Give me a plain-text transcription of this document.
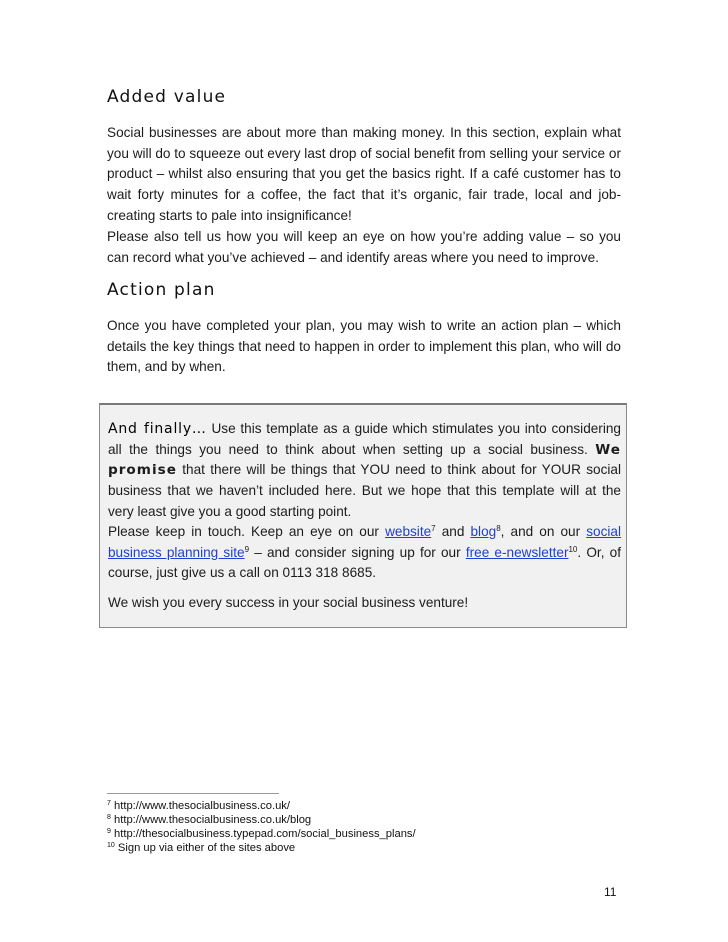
Added value

Social businesses are about more than making money. In this section, explain what you will do to squeeze out every last drop of social benefit from selling your service or product – whilst also ensuring that you get the basics right. If a café customer has to wait forty minutes for a coffee, the fact that it’s organic, fair trade, local and job-creating starts to pale into insignificance!

Please also tell us how you will keep an eye on how you’re adding value – so you can record what you’ve achieved – and identify areas where you need to improve.

Action plan

Once you have completed your plan, you may wish to write an action plan – which details the key things that need to happen in order to implement this plan, who will do them, and by when.

And finally… Use this template as a guide which stimulates you into considering all the things you need to think about when setting up a social business. We promise that there will be things that YOU need to think about for YOUR social business that we haven’t included here. But we hope that this template will at the very least give you a good starting point.

Please keep in touch. Keep an eye on our website$^7$ and blog$^8$, and on our social business planning site$^9$ – and consider signing up for our free e-newsletter$^{10}$. Or, of course, just give us a call on 0113 318 8685.

We wish you every success in your social business venture!

$^7$ http://www.thesocialbusiness.co.uk/

$^8$ http://www.thesocialbusiness.co.uk/blog

$^9$ http://thesocialbusiness.typepad.com/social_business_plans/

$^{10}$ Sign up via either of the sites above

11
